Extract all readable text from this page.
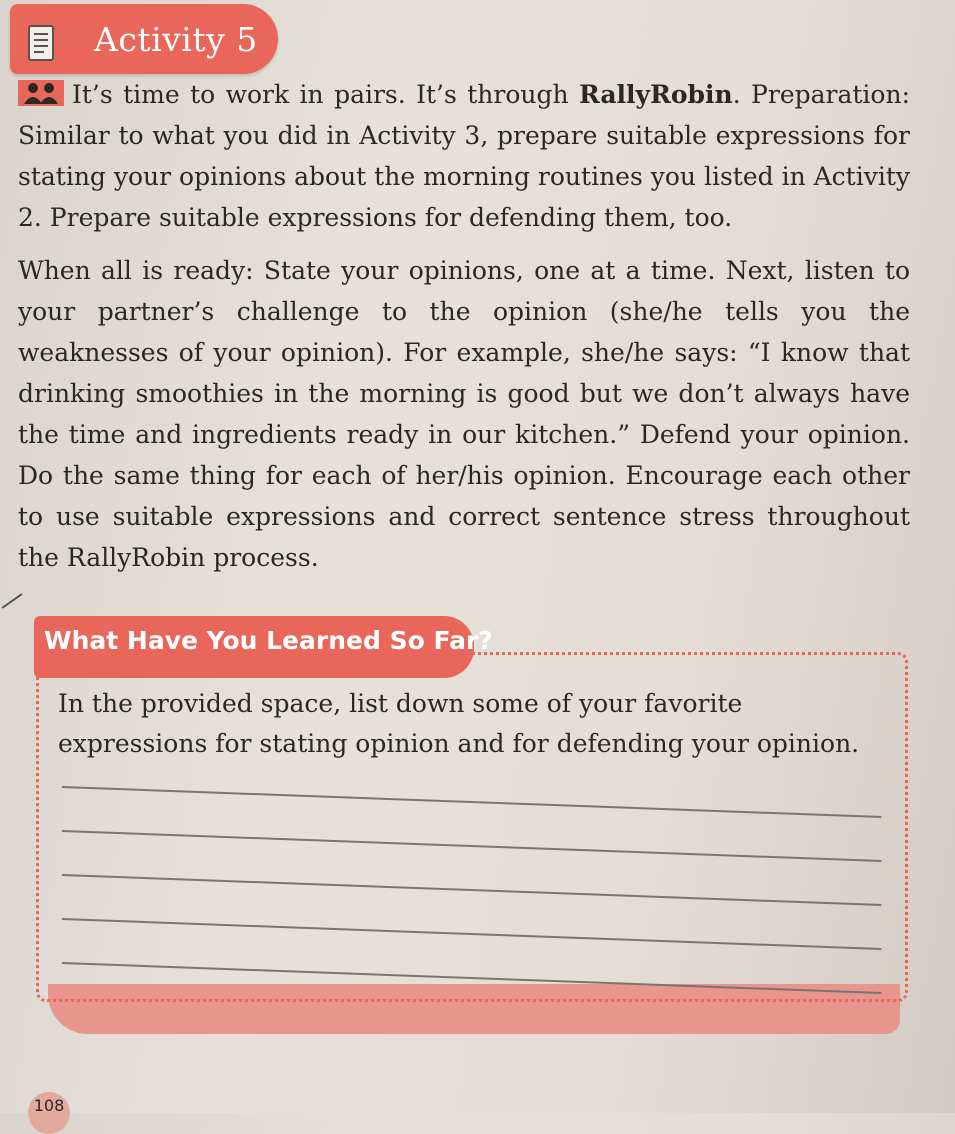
Activity 5

It’s time to work in pairs. It’s through RallyRobin. Preparation: Similar to what you did in Activity 3, prepare suitable expressions for stating your opinions about the morning routines you listed in Activity 2. Prepare suitable expressions for defending them, too.

When all is ready: State your opinions, one at a time. Next, listen to your partner’s challenge to the opinion (she/he tells you the weaknesses of your opinion). For example, she/he says: “I know that drinking smoothies in the morning is good but we don’t always have the time and ingredients ready in our kitchen.” Defend your opinion. Do the same thing for each of her/his opinion. Encourage each other to use suitable expressions and correct sentence stress throughout the RallyRobin process.

What Have You Learned So Far?

In the provided space, list down some of your favorite expressions for stating opinion and for defending your opinion.

108
